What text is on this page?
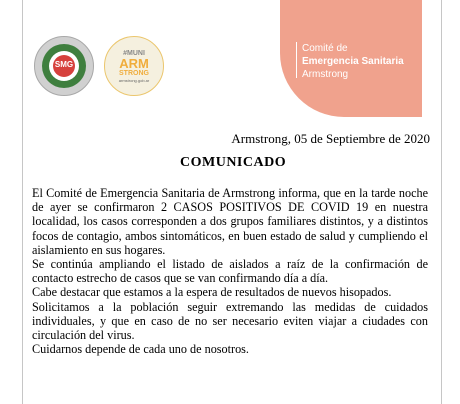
SMG
#MUNI
ARM
STRONG
armstrong.gob.ar
Comité de
Emergencia Sanitaria
Armstrong
Armstrong, 05 de Septiembre de 2020
COMUNICADO

El Comité de Emergencia Sanitaria de Armstrong informa, que en la tarde noche de ayer se confirmaron 2 CASOS POSITIVOS DE COVID 19 en nuestra localidad, los casos corresponden a dos grupos familiares distintos, y a distintos focos de contagio, ambos sintomáticos, en buen estado de salud y cumpliendo el aislamiento en sus hogares.

Se continúa ampliando el listado de aislados a raíz de la confirmación de contacto estrecho de casos que se van confirmando día a día.

Cabe destacar que estamos a la espera de resultados de nuevos hisopados.

Solicitamos a la población seguir extremando las medidas de cuidados individuales, y que en caso de no ser necesario eviten viajar a ciudades con circulación del virus.

Cuidarnos depende de cada uno de nosotros.
